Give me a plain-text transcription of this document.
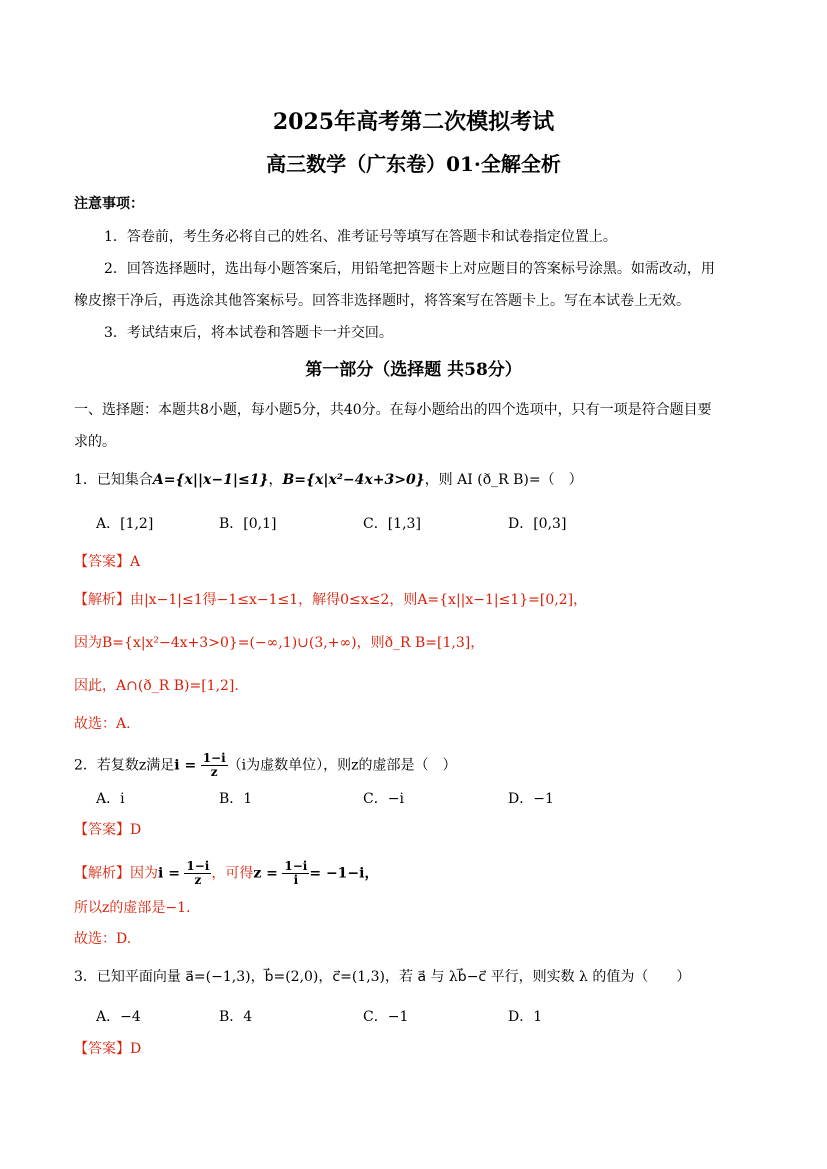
2025年高考第二次模拟考试
高三数学（广东卷）01·全解全析
注意事项：
1．答卷前，考生务必将自己的姓名、准考证号等填写在答题卡和试卷指定位置上。
2．回答选择题时，选出每小题答案后，用铅笔把答题卡上对应题目的答案标号涂黑。如需改动，用
橡皮擦干净后，再选涂其他答案标号。回答非选择题时，将答案写在答题卡上。写在本试卷上无效。
3．考试结束后，将本试卷和答题卡一并交回。
第一部分（选择题 共58分）
一、选择题：本题共8小题，每小题5分，共40分。在每小题给出的四个选项中，只有一项是符合题目要
求的。
1．已知集合A={x||x−1|≤1}，B={x|x²−4x+3>0}，则 AI (ð_R B)=（　）
A．[1,2]	B．[0,1]	C．[1,3]	D．[0,3]
【答案】A
【解析】由|x−1|≤1得−1≤x−1≤1，解得0≤x≤2，则A={x||x−1|≤1}=[0,2]，
因为B={x|x²−4x+3>0}=(−∞,1)∪(3,+∞)，则ð_R B=[1,3]，
因此，A∩(ð_R B)=[1,2].
故选：A.
2．若复数z满足$i = \frac{1-i}{z} (i$为虚数单位），则z的虚部是（　）
A．i	B．1	C．−i	D．−1
【答案】D
【解析】因为$i = \frac{1-i}{z}$ ，可得$z = \frac{1-i}{i} = -1-i$，
所以z的虚部是−1.
故选：D.
3．已知平面向量 a⃗=(−1,3)，b⃗=(2,0)，c⃗=(1,3)，若 a⃗ 与 λb⃗−c⃗ 平行，则实数 λ 的值为（　　）
A．−4	B．4	C．−1	D．1
【答案】D
